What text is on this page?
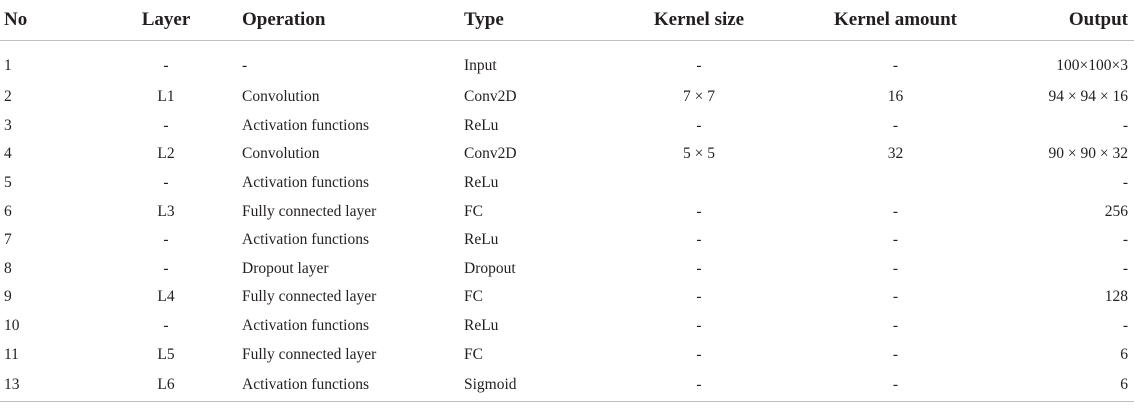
No	Layer	Operation	Type	Kernel size	Kernel amount	Output
1	-	-	Input	-	-	100×100×3
2	L1	Convolution	Conv2D	7 × 7	16	94 × 94 × 16
3	-	Activation functions	ReLu	-	-	-
4	L2	Convolution	Conv2D	5 × 5	32	90 × 90 × 32
5	-	Activation functions	ReLu			-
6	L3	Fully connected layer	FC	-	-	256
7	-	Activation functions	ReLu	-	-	-
8	-	Dropout layer	Dropout	-	-	-
9	L4	Fully connected layer	FC	-	-	128
10	-	Activation functions	ReLu	-	-	-
11	L5	Fully connected layer	FC	-	-	6
13	L6	Activation functions	Sigmoid	-	-	6
